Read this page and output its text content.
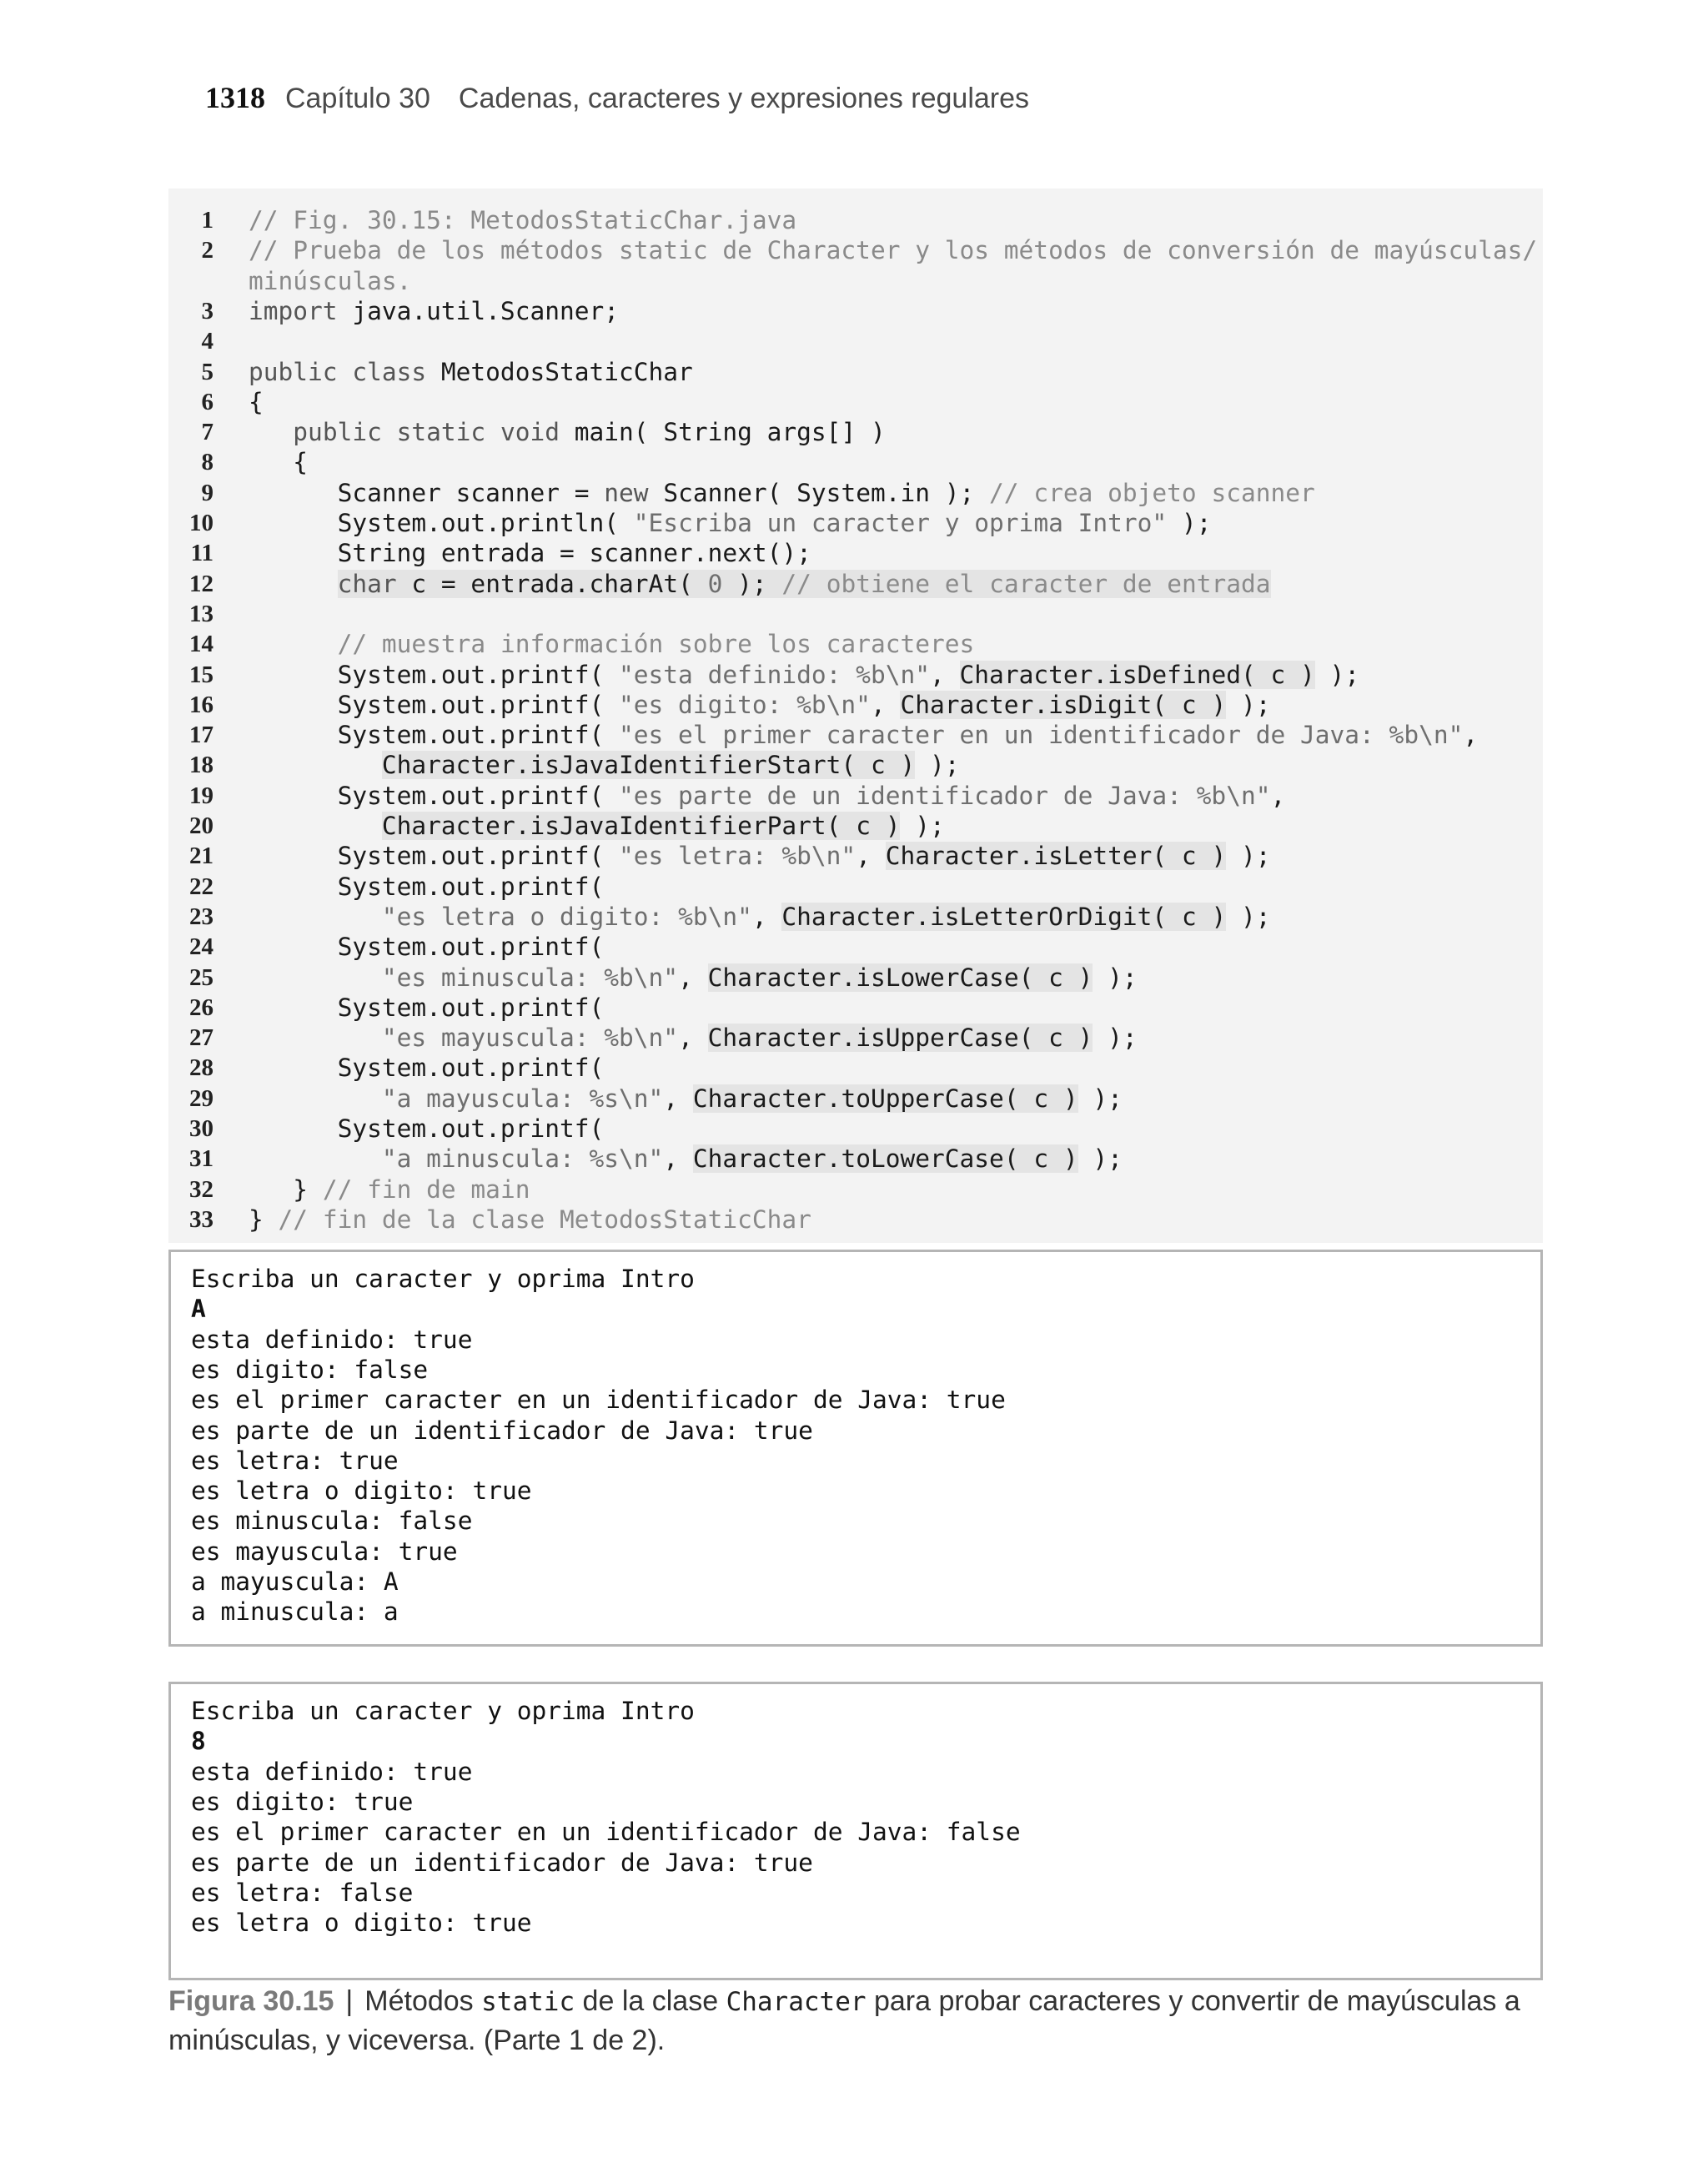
1318 Capítulo 30 Cadenas, caracteres y expresiones regulares
1 // Fig. 30.15: MetodosStaticChar.java
2 // Prueba de los métodos static de Character y los métodos de conversión de mayúsculas/
minúsculas.
3 import java.util.Scanner;
4
5 public class MetodosStaticChar
6 {
7	public static void main( String args[] )
8 {
9 Scanner scanner = new Scanner( System.in ); // crea objeto scanner
10 System.out.println( "Escriba un caracter y oprima Intro" );
11 String entrada = scanner.next();
12	char c = entrada.charAt( 0 ); // obtiene el caracter de entrada
13
14	// muestra información sobre los caracteres
15 System.out.printf( "esta definido: %b\n", Character.isDefined( c ) );
16 System.out.printf( "es digito: %b\n", Character.isDigit( c ) );
17 System.out.printf( "es el primer caracter en un identificador de Java: %b\n",
18	Character.isJavaIdentifierStart( c ) );
19 System.out.printf( "es parte de un identificador de Java: %b\n",
20	Character.isJavaIdentifierPart( c ) );
21 System.out.printf( "es letra: %b\n", Character.isLetter( c ) );
22 System.out.printf(
23	"es letra o digito: %b\n", Character.isLetterOrDigit( c ) );
24 System.out.printf(
25	"es minuscula: %b\n", Character.isLowerCase( c ) );
26 System.out.printf(
27	"es mayuscula: %b\n", Character.isUpperCase( c ) );
28 System.out.printf(
29	"a mayuscula: %s\n", Character.toUpperCase( c ) );
30 System.out.printf(
31	"a minuscula: %s\n", Character.toLowerCase( c ) );
32 } // fin de main
33 } // fin de la clase MetodosStaticChar
Escriba un caracter y oprima Intro
A
esta definido: true
es digito: false
es el primer caracter en un identificador de Java: true
es parte de un identificador de Java: true
es letra: true
es letra o digito: true
es minuscula: false
es mayuscula: true
a mayuscula: A
a minuscula: a
Escriba un caracter y oprima Intro
8
esta definido: true
es digito: true
es el primer caracter en un identificador de Java: false
es parte de un identificador de Java: true
es letra: false
es letra o digito: true
Figura 30.15 | Métodos static de la clase Character para probar caracteres y convertir de mayúsculas a minúsculas, y viceversa. (Parte 1 de 2).
